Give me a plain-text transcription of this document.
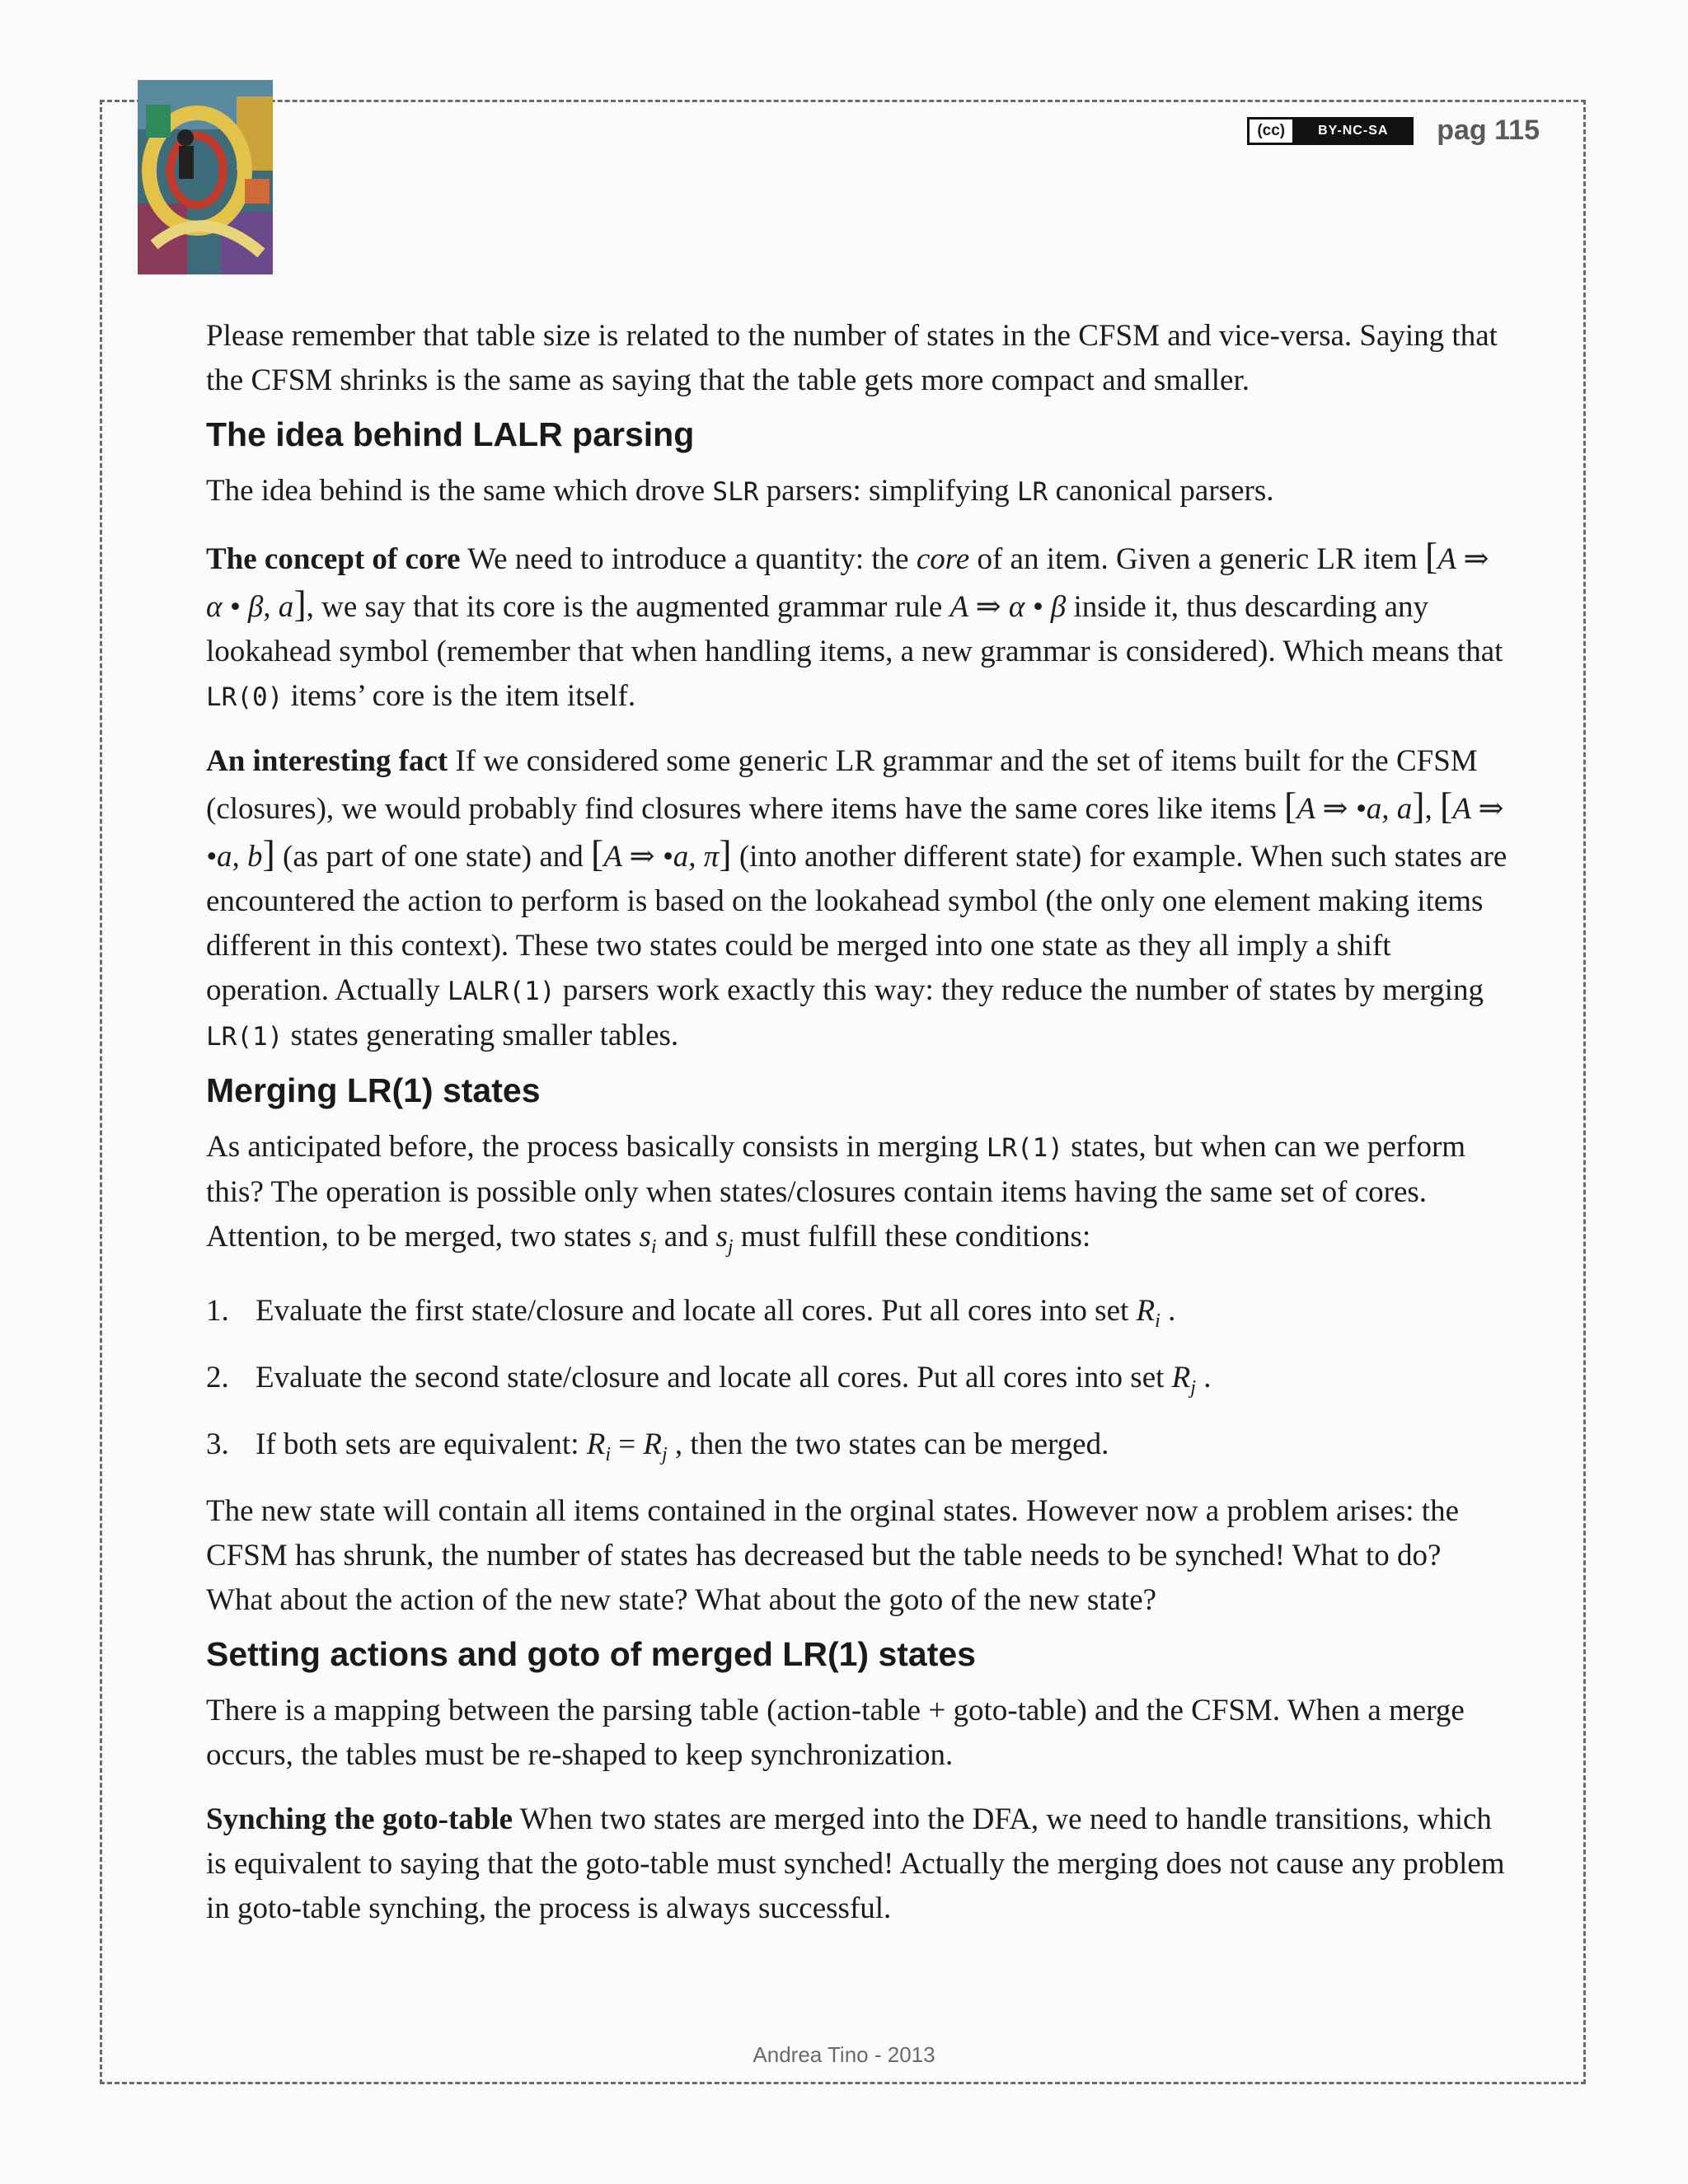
(cc)	BY-NC-SA	pag 115

Please remember that table size is related to the number of states in the CFSM and vice-versa. Saying that the CFSM shrinks is the same as saying that the table gets more compact and smaller.

The idea behind LALR parsing

The idea behind is the same which drove SLR parsers: simplifying LR canonical parsers.

The concept of core We need to introduce a quantity: the core of an item. Given a generic LR item [A ⇒ α • β, a], we say that its core is the augmented grammar rule A ⇒ α • β inside it, thus descarding any lookahead symbol (remember that when handling items, a new grammar is considered). Which means that LR(0) items’ core is the item itself.

An interesting fact If we considered some generic LR grammar and the set of items built for the CFSM (closures), we would probably find closures where items have the same cores like items [A ⇒ •a, a], [A ⇒ •a, b] (as part of one state) and [A ⇒ •a, π] (into another different state) for example. When such states are encountered the action to perform is based on the lookahead symbol (the only one element making items different in this context). These two states could be merged into one state as they all imply a shift operation. Actually LALR(1) parsers work exactly this way: they reduce the number of states by merging LR(1) states generating smaller tables.

Merging LR(1) states

As anticipated before, the process basically consists in merging LR(1) states, but when can we perform this? The operation is possible only when states/closures contain items having the same set of cores. Attention, to be merged, two states $s_i$ and $s_j$ must fulfill these conditions:

1. Evaluate the first state/closure and locate all cores. Put all cores into set $R_i$ .
2. Evaluate the second state/closure and locate all cores. Put all cores into set $R_j$ .
3. If both sets are equivalent: $R_i = R_j$ , then the two states can be merged.

The new state will contain all items contained in the orginal states. However now a problem arises: the CFSM has shrunk, the number of states has decreased but the table needs to be synched! What to do? What about the action of the new state? What about the goto of the new state?

Setting actions and goto of merged LR(1) states

There is a mapping between the parsing table (action-table + goto-table) and the CFSM. When a merge occurs, the tables must be re-shaped to keep synchronization.

Synching the goto-table When two states are merged into the DFA, we need to handle transitions, which is equivalent to saying that the goto-table must synched! Actually the merging does not cause any problem in goto-table synching, the process is always successful.

Andrea Tino - 2013
